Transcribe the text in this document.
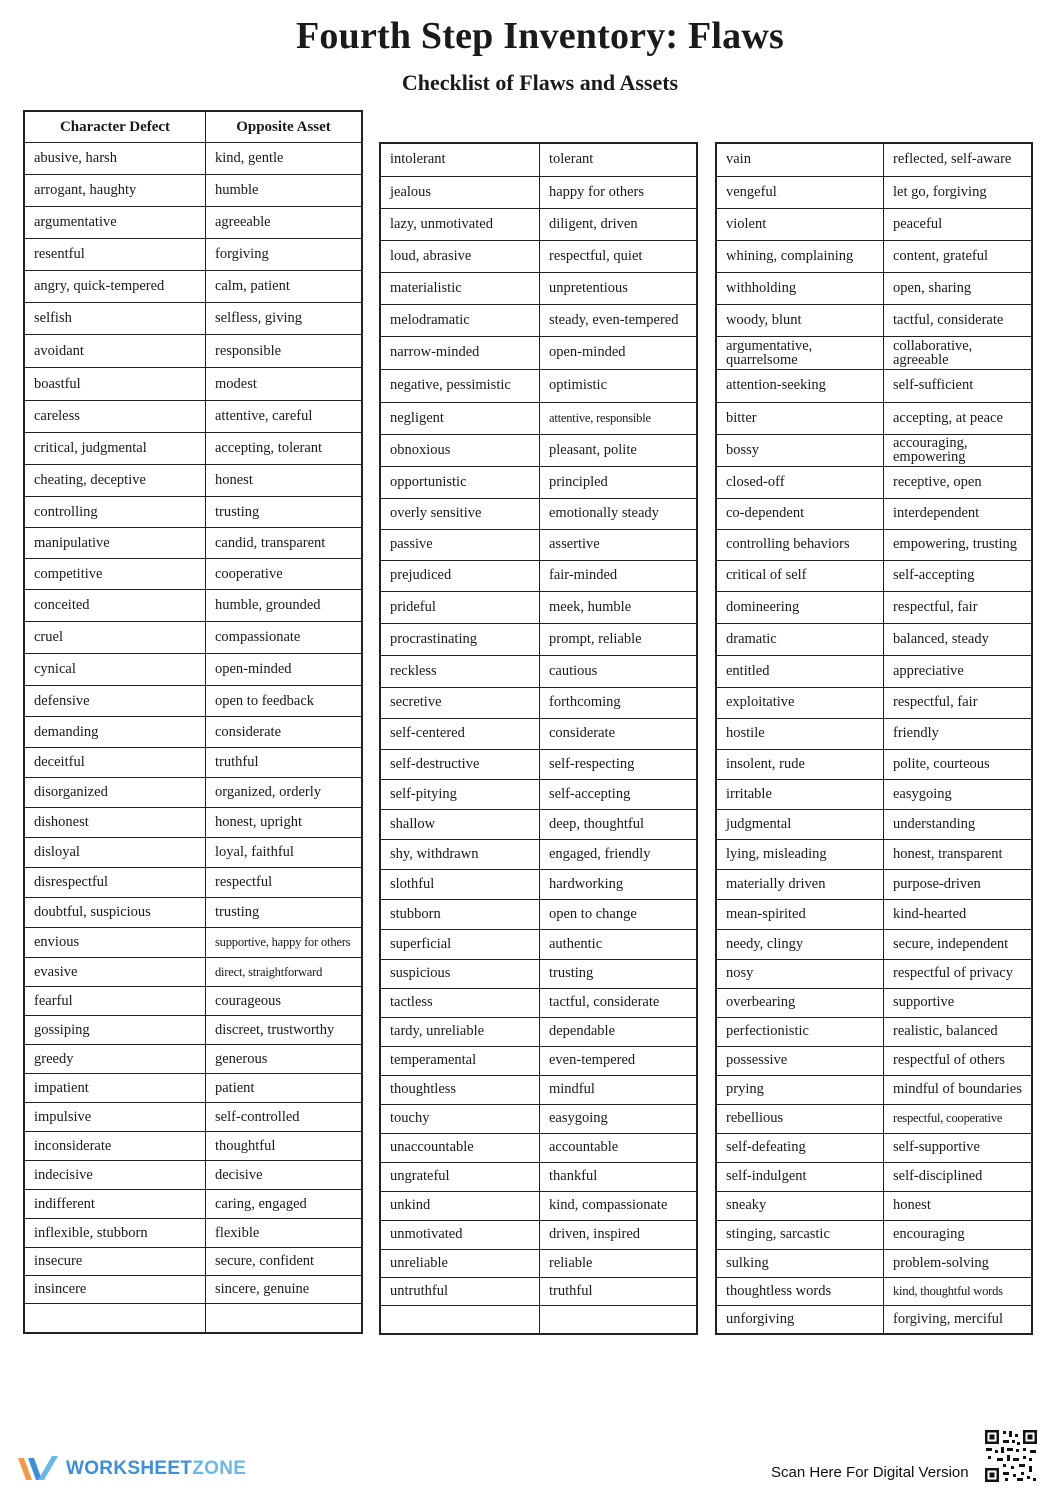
Fourth Step Inventory: Flaws
Checklist of Flaws and Assets
Character Defect	Opposite Asset
abusive, harsh	kind, gentle
arrogant, haughty	humble
argumentative	agreeable
resentful	forgiving
angry, quick-tempered	calm, patient
selfish	selfless, giving
avoidant	responsible
boastful	modest
careless	attentive, careful
critical, judgmental	accepting, tolerant
cheating, deceptive	honest
controlling	trusting
manipulative	candid, transparent
competitive	cooperative
conceited	humble, grounded
cruel	compassionate
cynical	open-minded
defensive	open to feedback
demanding	considerate
deceitful	truthful
disorganized	organized, orderly
dishonest	honest, upright
disloyal	loyal, faithful
disrespectful	respectful
doubtful, suspicious	trusting
envious	supportive, happy for others
evasive	direct, straightforward
fearful	courageous
gossiping	discreet, trustworthy
greedy	generous
impatient	patient
impulsive	self-controlled
inconsiderate	thoughtful
indecisive	decisive
indifferent	caring, engaged
inflexible, stubborn	flexible
insecure	secure, confident
insincere	sincere, genuine

intolerant	tolerant
jealous	happy for others
lazy, unmotivated	diligent, driven
loud, abrasive	respectful, quiet
materialistic	unpretentious
melodramatic	steady, even-tempered
narrow-minded	open-minded
negative, pessimistic	optimistic
negligent	attentive, responsible
obnoxious	pleasant, polite
opportunistic	principled
overly sensitive	emotionally steady
passive	assertive
prejudiced	fair-minded
prideful	meek, humble
procrastinating	prompt, reliable
reckless	cautious
secretive	forthcoming
self-centered	considerate
self-destructive	self-respecting
self-pitying	self-accepting
shallow	deep, thoughtful
shy, withdrawn	engaged, friendly
slothful	hardworking
stubborn	open to change
superficial	authentic
suspicious	trusting
tactless	tactful, considerate
tardy, unreliable	dependable
temperamental	even-tempered
thoughtless	mindful
touchy	easygoing
unaccountable	accountable
ungrateful	thankful
unkind	kind, compassionate
unmotivated	driven, inspired
unreliable	reliable
untruthful	truthful

vain	reflected, self-aware
vengeful	let go, forgiving
violent	peaceful
whining, complaining	content, grateful
withholding	open, sharing
woody, blunt	tactful, considerate
argumentative, quarrelsome	collaborative, agreeable
attention-seeking	self-sufficient
bitter	accepting, at peace
bossy	accouraging, empowering
closed-off	receptive, open
co-dependent	interdependent
controlling behaviors	empowering, trusting
critical of self	self-accepting
domineering	respectful, fair
dramatic	balanced, steady
entitled	appreciative
exploitative	respectful, fair
hostile	friendly
insolent, rude	polite, courteous
irritable	easygoing
judgmental	understanding
lying, misleading	honest, transparent
materially driven	purpose-driven
mean-spirited	kind-hearted
needy, clingy	secure, independent
nosy	respectful of privacy
overbearing	supportive
perfectionistic	realistic, balanced
possessive	respectful of others
prying	mindful of boundaries
rebellious	respectful, cooperative
self-defeating	self-supportive
self-indulgent	self-disciplined
sneaky	honest
stinging, sarcastic	encouraging
sulking	problem-solving
thoughtless words	kind, thoughtful words
unforgiving	forgiving, merciful
WORKSHEETZONE	Scan Here For Digital Version
